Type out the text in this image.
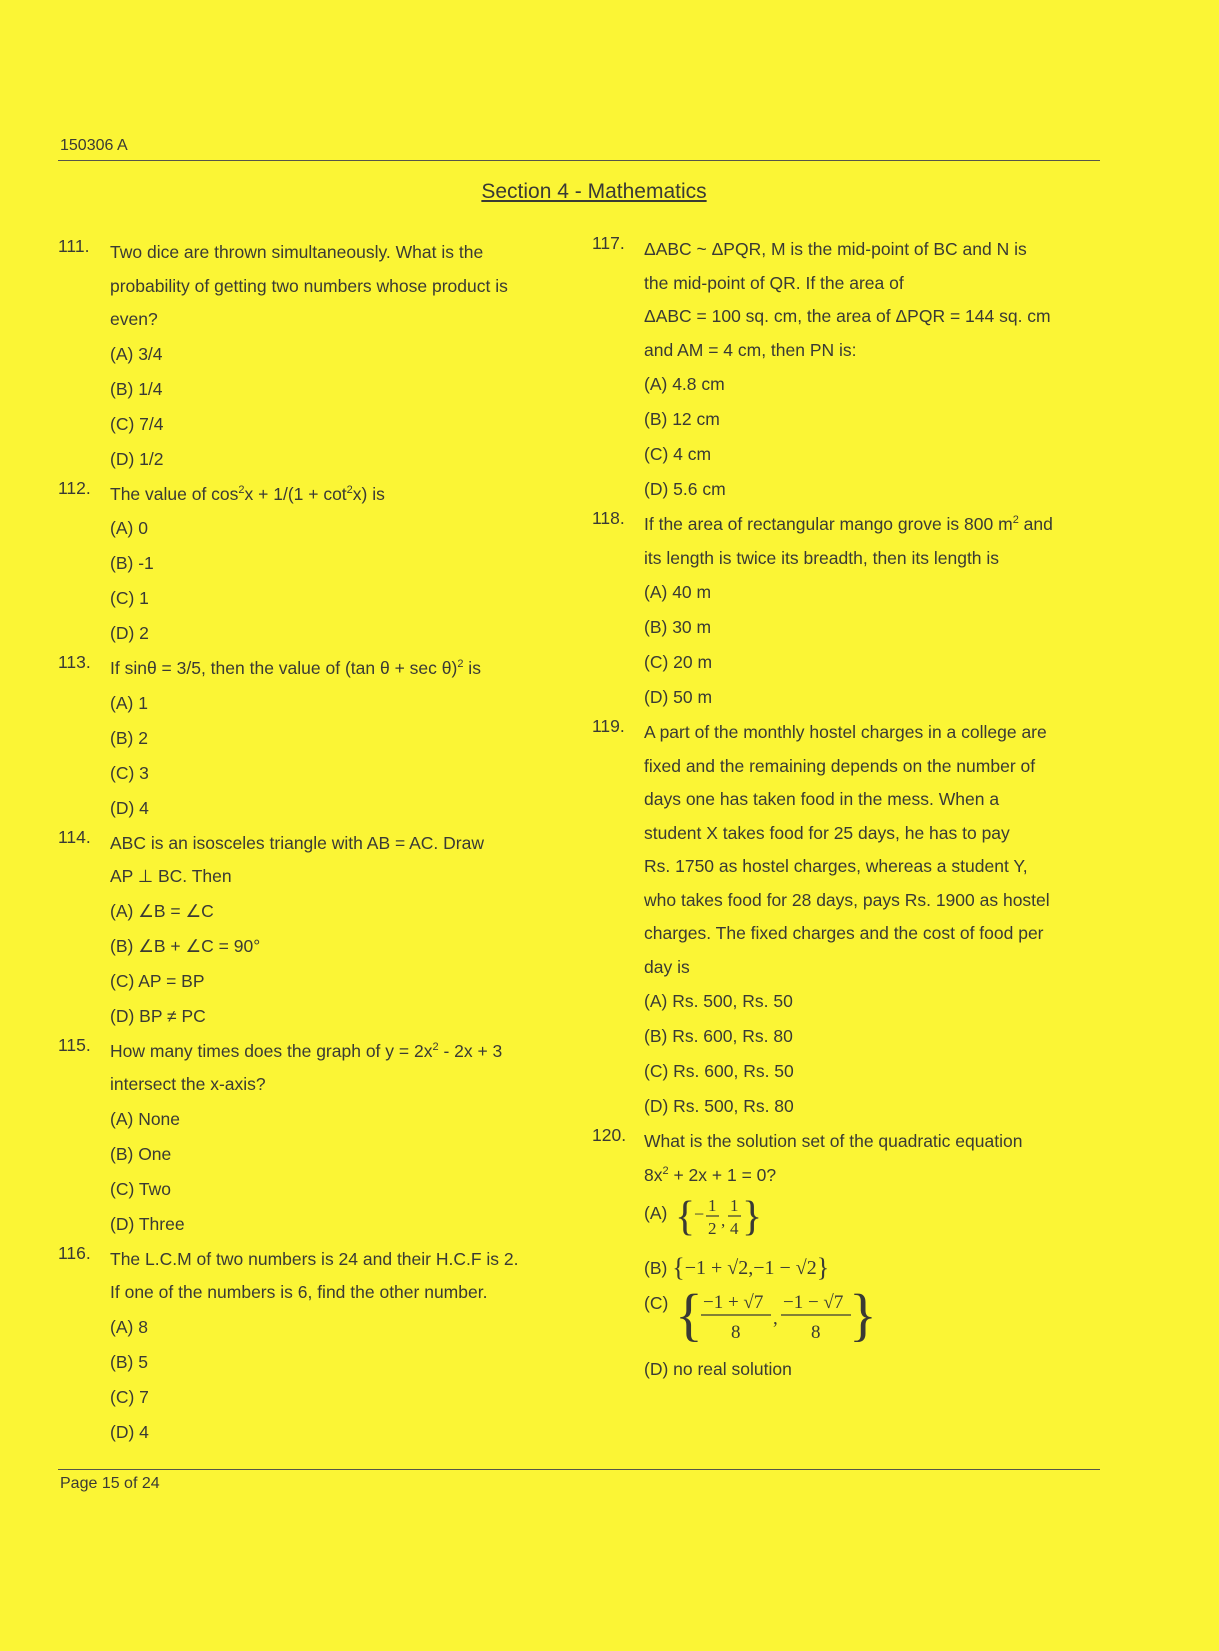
150306 A
Section 4 - Mathematics
111. Two dice are thrown simultaneously. What is the
probability of getting two numbers whose product is
even?
(A) 3/4
(B) 1/4
(C) 7/4
(D) 1/2
112. The value of $\cos^2x + 1/(1 + \cot^2x)$ is
(A) 0
(B) -1
(C) 1
(D) 2
113. If sinθ = 3/5, then the value of (tan θ + sec θ)$^2$ is
(A) 1
(B) 2
(C) 3
(D) 4
114. ABC is an isosceles triangle with AB = AC. Draw
AP ⊥ BC. Then
(A) ∠B = ∠C
(B) ∠B + ∠C = 90°
(C) AP = BP
(D) BP ≠ PC
115. How many times does the graph of $y = 2x^2 - 2x + 3$
intersect the x-axis?
(A) None
(B) One
(C) Two
(D) Three
116. The L.C.M of two numbers is 24 and their H.C.F is 2.
If one of the numbers is 6, find the other number.
(A) 8
(B) 5
(C) 7
(D) 4
117. ΔABC ~ ΔPQR, M is the mid-point of BC and N is
the mid-point of QR. If the area of
ΔABC = 100 sq. cm, the area of ΔPQR = 144 sq. cm
and AM = 4 cm, then PN is:
(A) 4.8 cm
(B) 12 cm
(C) 4 cm
(D) 5.6 cm
118. If the area of rectangular mango grove is 800 $m^2$ and
its length is twice its breadth, then its length is
(A) 40 m
(B) 30 m
(C) 20 m
(D) 50 m
119. A part of the monthly hostel charges in a college are
fixed and the remaining depends on the number of
days one has taken food in the mess. When a
student X takes food for 25 days, he has to pay
Rs. 1750 as hostel charges, whereas a student Y,
who takes food for 28 days, pays Rs. 1900 as hostel
charges. The fixed charges and the cost of food per
day is
(A) Rs. 500, Rs. 50
(B) Rs. 600, Rs. 80
(C) Rs. 600, Rs. 50
(D) Rs. 500, Rs. 80
120. What is the solution set of the quadratic equation
$8x^2 + 2x + 1 = 0$?
(A) {
− 1
2 ,
1
4 }
(B) {−1 + √2,−1 − √2}
(C) { −1 + √7
8
,
−1 − √7
8 }
(D) no real solution
Page 15 of 24
